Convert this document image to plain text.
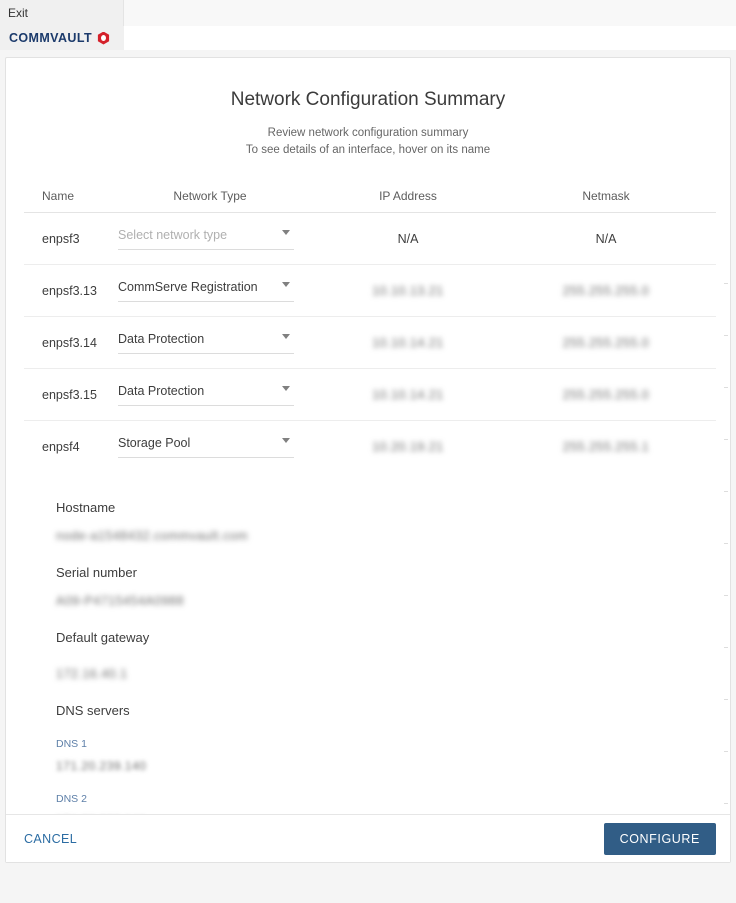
Exit
COMMVAULT
Network Configuration Summary
Review network configuration summary
To see details of an interface, hover on its name
Name	Network Type	IP Address	Netmask
enpsf3	Select network type	N/A	N/A
enpsf3.13	CommServe Registration	10.10.13.21	255.255.255.0
enpsf3.14	Data Protection	10.10.14.21	255.255.255.0
enpsf3.15	Data Protection	10.10.14.21	255.255.255.0
enpsf4	Storage Pool	10.20.19.21	255.255.255.1
Hostname
node-a1548432.commvault.com
Serial number
A09-P4715454A0988
Default gateway
172.16.40.1
DNS servers
DNS 1
171.20.239.140
DNS 2
CANCEL	CONFIGURE
